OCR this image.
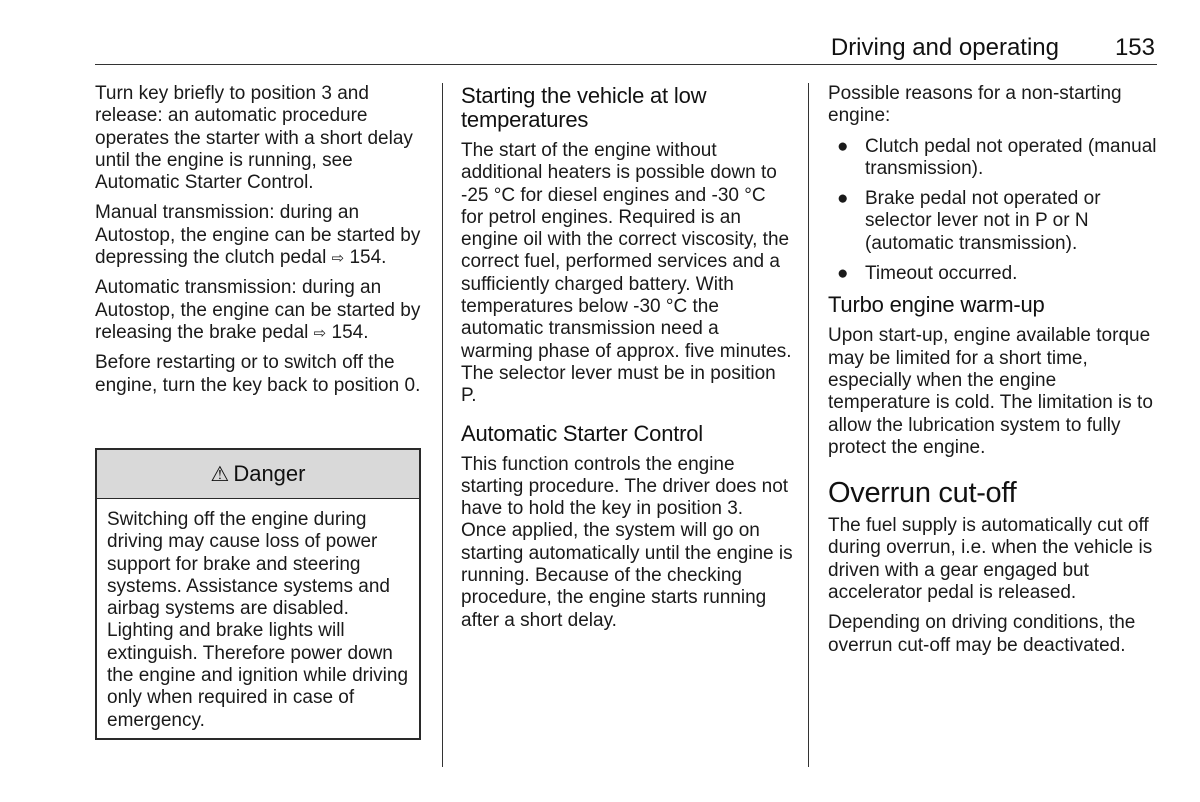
Driving and operating 153

Turn key briefly to position 3 and release: an automatic procedure operates the starter with a short delay until the engine is running, see Automatic Starter Control.

Manual transmission: during an Autostop, the engine can be started by depressing the clutch pedal ⇨ 154.

Automatic transmission: during an Autostop, the engine can be started by releasing the brake pedal ⇨ 154.

Before restarting or to switch off the engine, turn the key back to position 0.

⚠ Danger
Switching off the engine during driving may cause loss of power support for brake and steering systems. Assistance systems and airbag systems are disabled. Lighting and brake lights will extinguish. Therefore power down the engine and ignition while driving only when required in case of emergency.
Starting the vehicle at low temperatures

The start of the engine without additional heaters is possible down to -25 °C for diesel engines and -30 °C for petrol engines. Required is an engine oil with the correct viscosity, the correct fuel, performed services and a sufficiently charged battery. With temperatures below -30 °C the automatic transmission need a warming phase of approx. five minutes. The selector lever must be in position P.

Automatic Starter Control

This function controls the engine starting procedure. The driver does not have to hold the key in position 3. Once applied, the system will go on starting automatically until the engine is running. Because of the checking procedure, the engine starts running after a short delay.

Possible reasons for a non-starting engine:

● Clutch pedal not operated (manual transmission).
● Brake pedal not operated or selector lever not in P or N (automatic transmission).
● Timeout occurred.
Turbo engine warm-up

Upon start-up, engine available torque may be limited for a short time, especially when the engine temperature is cold. The limitation is to allow the lubrication system to fully protect the engine.

Overrun cut-off

The fuel supply is automatically cut off during overrun, i.e. when the vehicle is driven with a gear engaged but accelerator pedal is released.

Depending on driving conditions, the overrun cut-off may be deactivated.
